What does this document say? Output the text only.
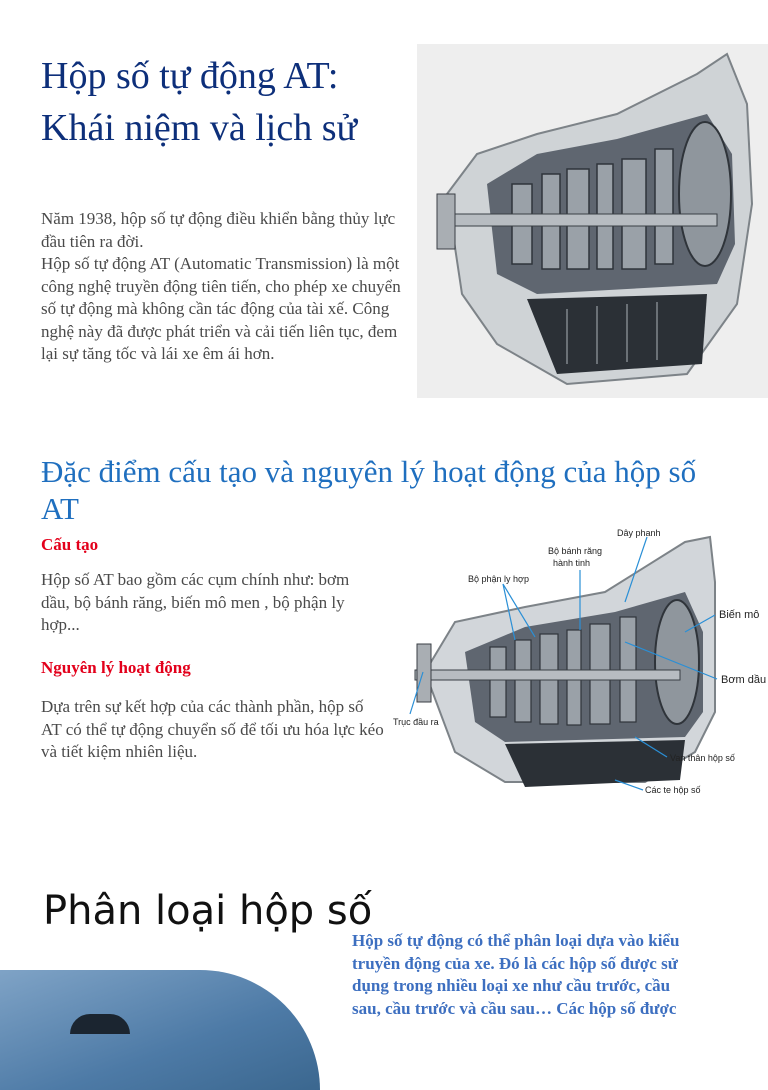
Hộp số tự động AT:
Khái niệm và lịch sử
Năm 1938, hộp số tự động điều khiển bằng thủy lực đầu tiên ra đời.
Hộp số tự động AT (Automatic Transmission) là một công nghệ truyền động tiên tiến, cho phép xe chuyển số tự động mà không cần tác động của tài xế. Công nghệ này đã được phát triển và cải tiến liên tục, đem lại sự tăng tốc và lái xe êm ái hơn.
Đặc điểm cấu tạo và nguyên lý hoạt động của hộp số AT
Cấu tạo
Hộp số AT bao gồm các cụm chính như: bơm dầu, bộ bánh răng, biến mô men , bộ phận ly hợp...
Nguyên lý hoạt động
Dựa trên sự kết hợp của các thành phần, hộp số AT có thể tự động chuyển số để tối ưu hóa lực kéo và tiết kiệm nhiên liệu.
Dây phanh
Bộ bánh răng
hành tinh
Bộ phận ly hợp
Biến mô
Bơm dầu
Trục đầu ra
Van thân hộp số
Các te hộp số
Phân loại hộp số
Hộp số tự động có thể phân loại dựa vào kiểu
truyền động của xe. Đó là các hộp số được sử
dụng trong nhiều loại xe như cầu trước, cầu
sau, cầu trước và cầu sau… Các hộp số được
